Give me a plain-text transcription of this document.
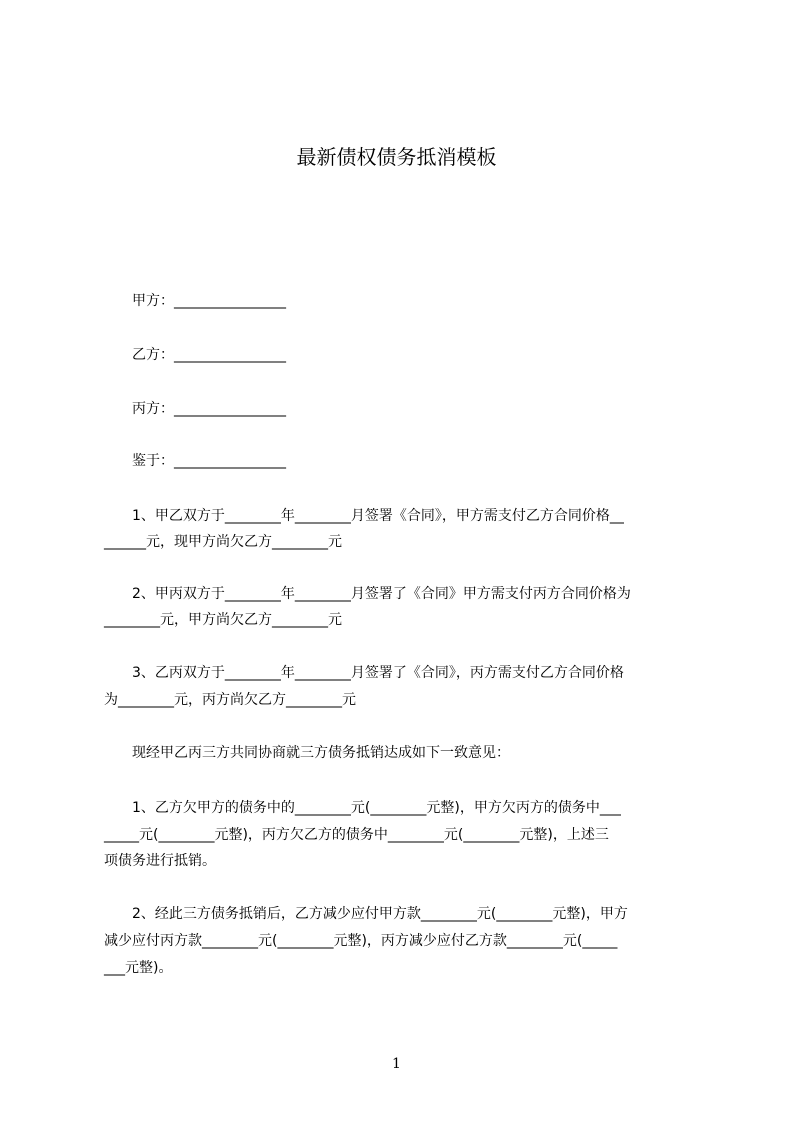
最新债权债务抵消模板
　　甲方：________________
　　乙方：________________
　　丙方：________________
　　鉴于：________________
　　1、甲乙双方于________年________月签署《合同》，甲方需支付乙方合同价格__
______元，现甲方尚欠乙方________元
　　2、甲丙双方于________年________月签署了《合同》甲方需支付丙方合同价格为
________元，甲方尚欠乙方________元
　　3、乙丙双方于________年________月签署了《合同》，丙方需支付乙方合同价格
为________元，丙方尚欠乙方________元
　　现经甲乙丙三方共同协商就三方债务抵销达成如下一致意见：
　　1、乙方欠甲方的债务中的________元(________元整)，甲方欠丙方的债务中___
_____元(________元整)，丙方欠乙方的债务中________元(________元整)，上述三
项债务进行抵销。
　　2、经此三方债务抵销后，乙方减少应付甲方款________元(________元整)，甲方
减少应付丙方款________元(________元整)，丙方减少应付乙方款________元(_____
___元整)。
1
